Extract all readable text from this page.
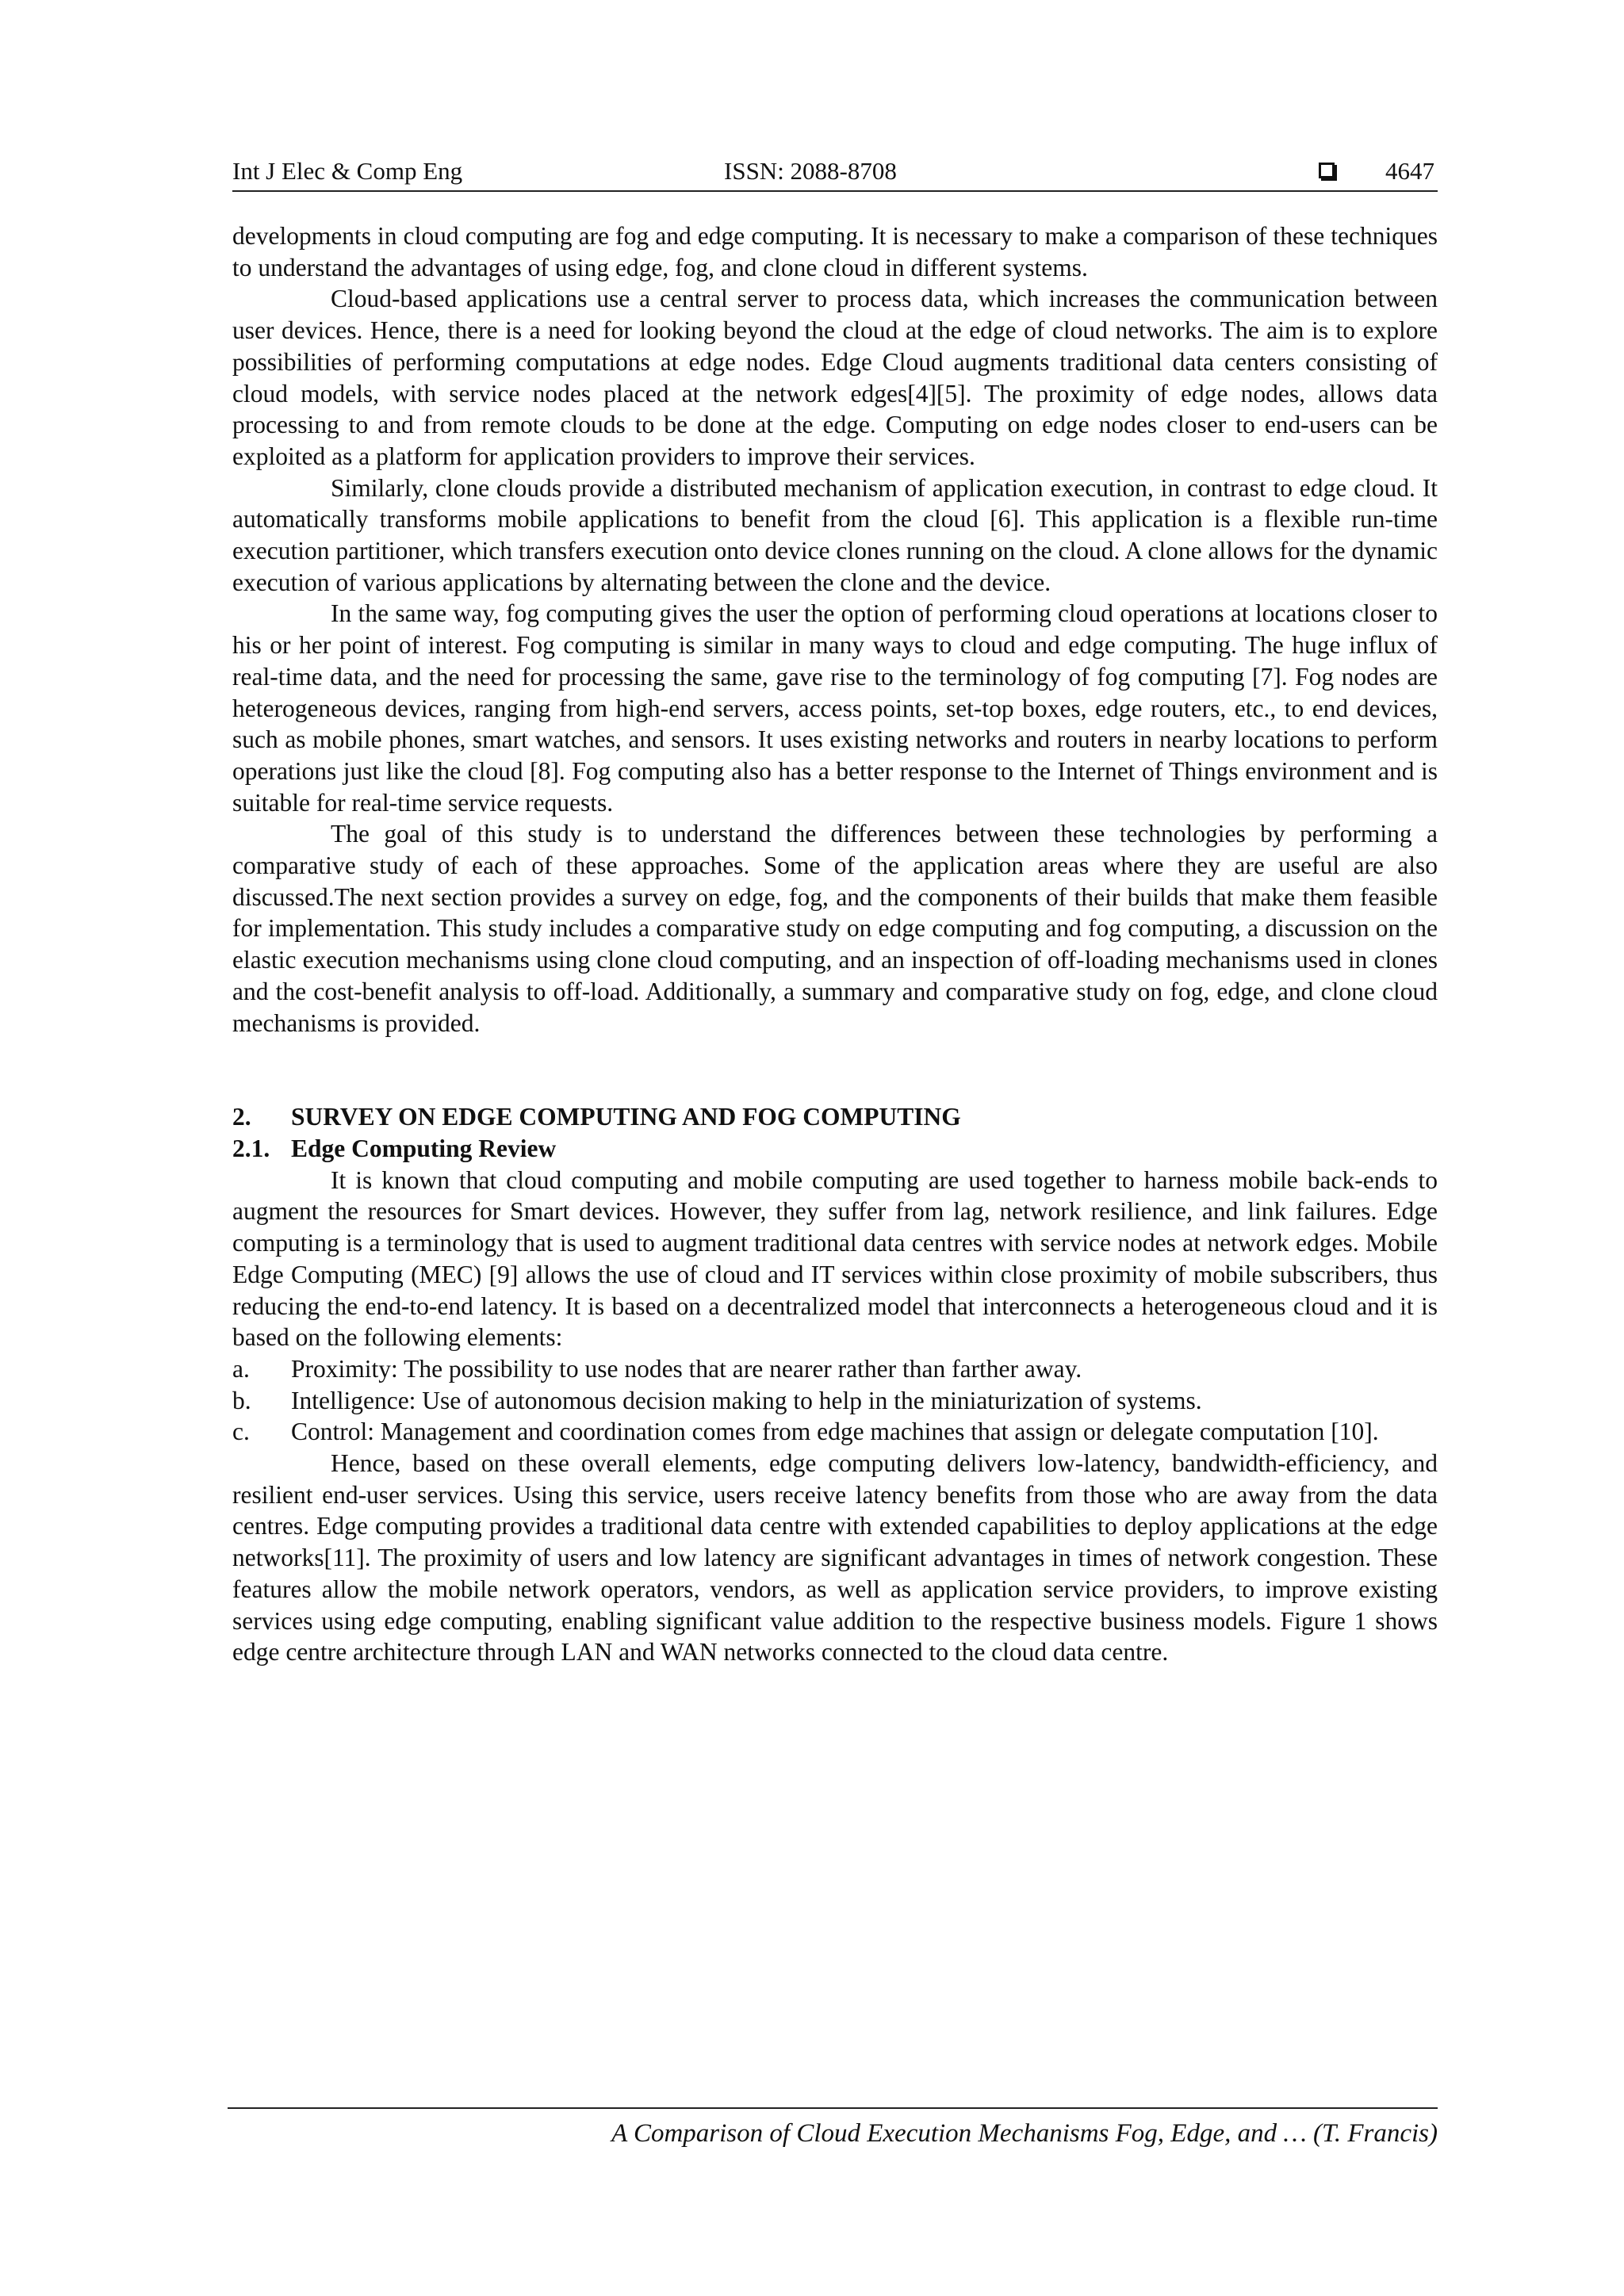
Int J Elec & Comp Eng	ISSN: 2088-8708	4647

developments in cloud computing are fog and edge computing. It is necessary to make a comparison of these techniques to understand the advantages of using edge, fog, and clone cloud in different systems.

Cloud-based applications use a central server to process data, which increases the communication between user devices. Hence, there is a need for looking beyond the cloud at the edge of cloud networks. The aim is to explore possibilities of performing computations at edge nodes. Edge Cloud augments traditional data centers consisting of cloud models, with service nodes placed at the network edges[4][5]. The proximity of edge nodes, allows data processing to and from remote clouds to be done at the edge. Computing on edge nodes closer to end-users can be exploited as a platform for application providers to improve their services.

Similarly, clone clouds provide a distributed mechanism of application execution, in contrast to edge cloud. It automatically transforms mobile applications to benefit from the cloud [6]. This application is a flexible run-time execution partitioner, which transfers execution onto device clones running on the cloud. A clone allows for the dynamic execution of various applications by alternating between the clone and the device.

In the same way, fog computing gives the user the option of performing cloud operations at locations closer to his or her point of interest. Fog computing is similar in many ways to cloud and edge computing. The huge influx of real-time data, and the need for processing the same, gave rise to the terminology of fog computing [7]. Fog nodes are heterogeneous devices, ranging from high-end servers, access points, set-top boxes, edge routers, etc., to end devices, such as mobile phones, smart watches, and sensors. It uses existing networks and routers in nearby locations to perform operations just like the cloud [8]. Fog computing also has a better response to the Internet of Things environment and is suitable for real-time service requests.

The goal of this study is to understand the differences between these technologies by performing a comparative study of each of these approaches. Some of the application areas where they are useful are also discussed.The next section provides a survey on edge, fog, and the components of their builds that make them feasible for implementation. This study includes a comparative study on edge computing and fog computing, a discussion on the elastic execution mechanisms using clone cloud computing, and an inspection of off-loading mechanisms used in clones and the cost-benefit analysis to off-load. Additionally, a summary and comparative study on fog, edge, and clone cloud mechanisms is provided.

2. SURVEY ON EDGE COMPUTING AND FOG COMPUTING

2.1. Edge Computing Review

It is known that cloud computing and mobile computing are used together to harness mobile back-ends to augment the resources for Smart devices. However, they suffer from lag, network resilience, and link failures. Edge computing is a terminology that is used to augment traditional data centres with service nodes at network edges. Mobile Edge Computing (MEC) [9] allows the use of cloud and IT services within close proximity of mobile subscribers, thus reducing the end-to-end latency. It is based on a decentralized model that interconnects a heterogeneous cloud and it is based on the following elements:

a. Proximity: The possibility to use nodes that are nearer rather than farther away.
b. Intelligence: Use of autonomous decision making to help in the miniaturization of systems.
c. Control: Management and coordination comes from edge machines that assign or delegate computation [10].

Hence, based on these overall elements, edge computing delivers low-latency, bandwidth-efficiency, and resilient end-user services. Using this service, users receive latency benefits from those who are away from the data centres. Edge computing provides a traditional data centre with extended capabilities to deploy applications at the edge networks[11]. The proximity of users and low latency are significant advantages in times of network congestion. These features allow the mobile network operators, vendors, as well as application service providers, to improve existing services using edge computing, enabling significant value addition to the respective business models. Figure 1 shows edge centre architecture through LAN and WAN networks connected to the cloud data centre.

A Comparison of Cloud Execution Mechanisms Fog, Edge, and … (T. Francis)
